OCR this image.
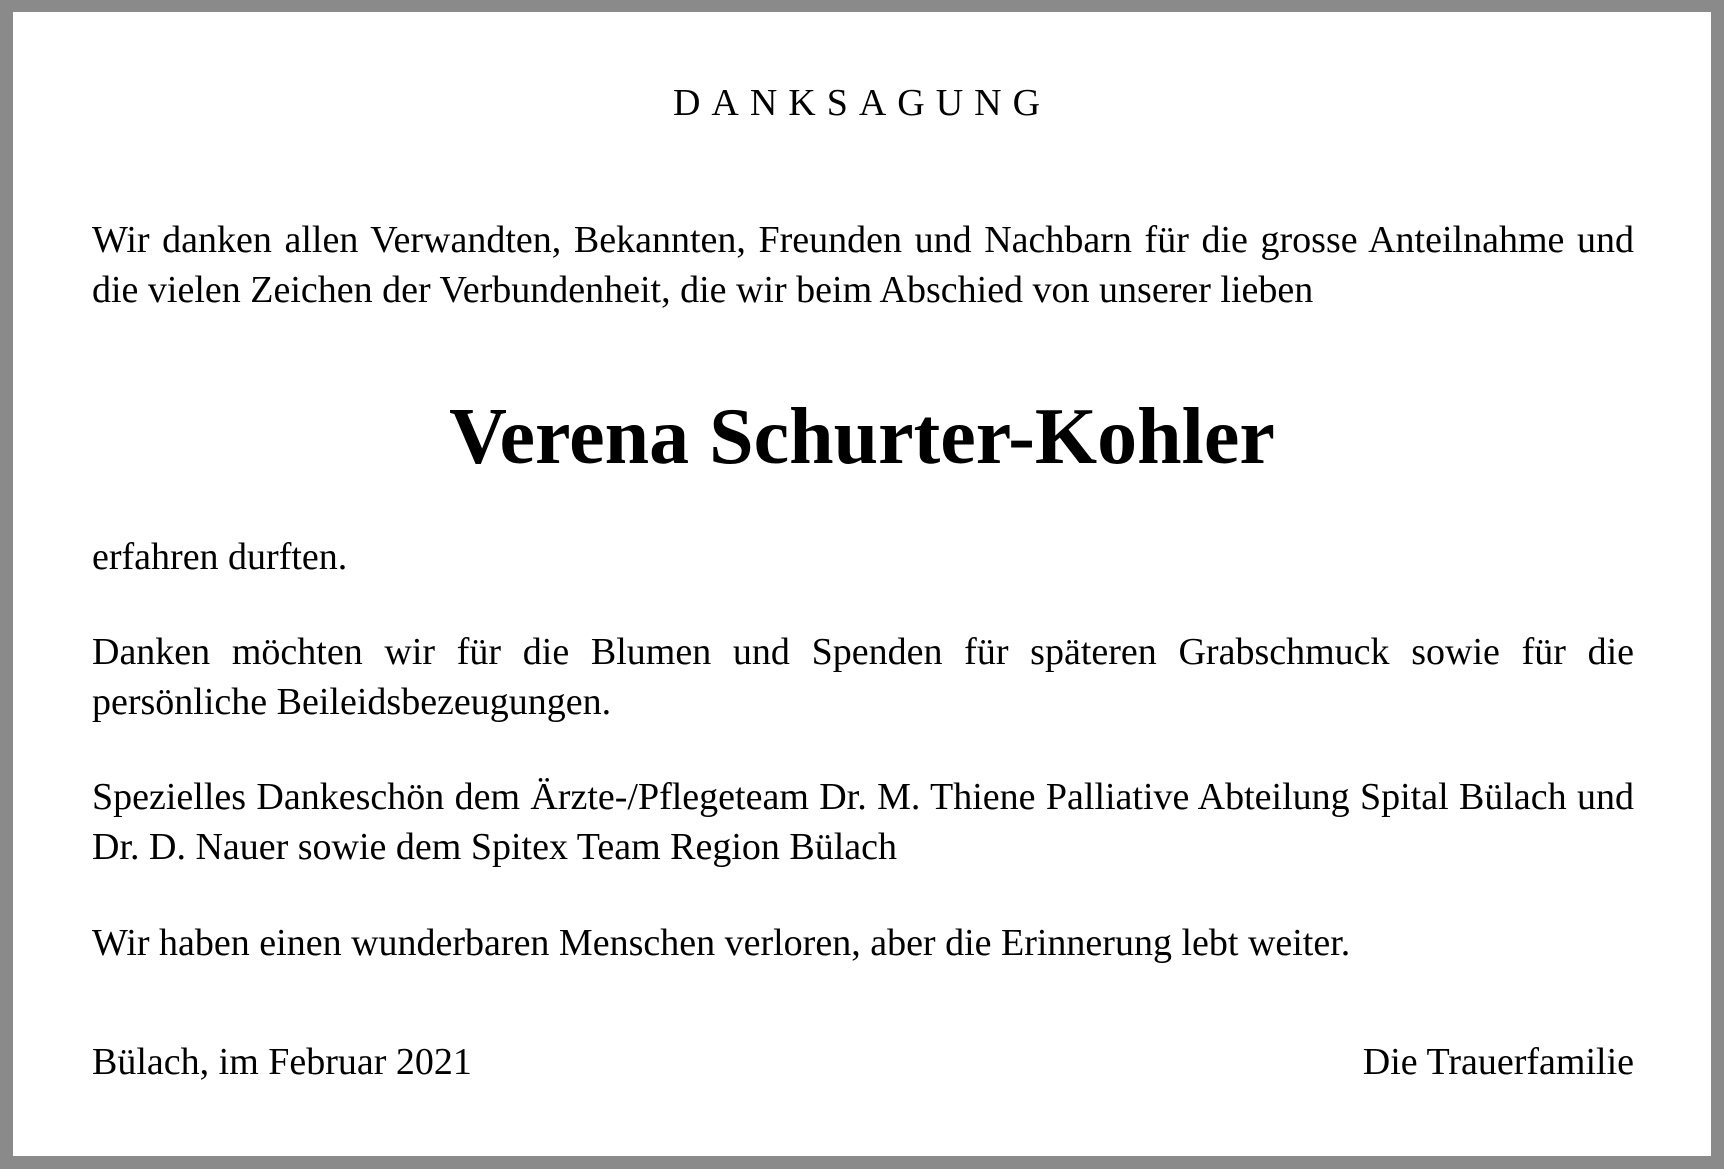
DANKSAGUNG
Wir danken allen Verwandten, Bekannten, Freunden und Nachbarn für die grosse Anteilnahme und die vielen Zeichen der Verbundenheit, die wir beim Abschied von unserer lieben
Verena Schurter-Kohler
erfahren durften.
Danken möchten wir für die Blumen und Spenden für späteren Grabschmuck sowie für die persönliche Beileidsbezeugungen.
Spezielles Dankeschön dem Ärzte-/Pflegeteam Dr. M. Thiene Palliative Abteilung Spital Bülach und Dr. D. Nauer sowie dem Spitex Team Region Bülach
Wir haben einen wunderbaren Menschen verloren, aber die Erinnerung lebt weiter.
Bülach, im Februar 2021	Die Trauerfamilie
